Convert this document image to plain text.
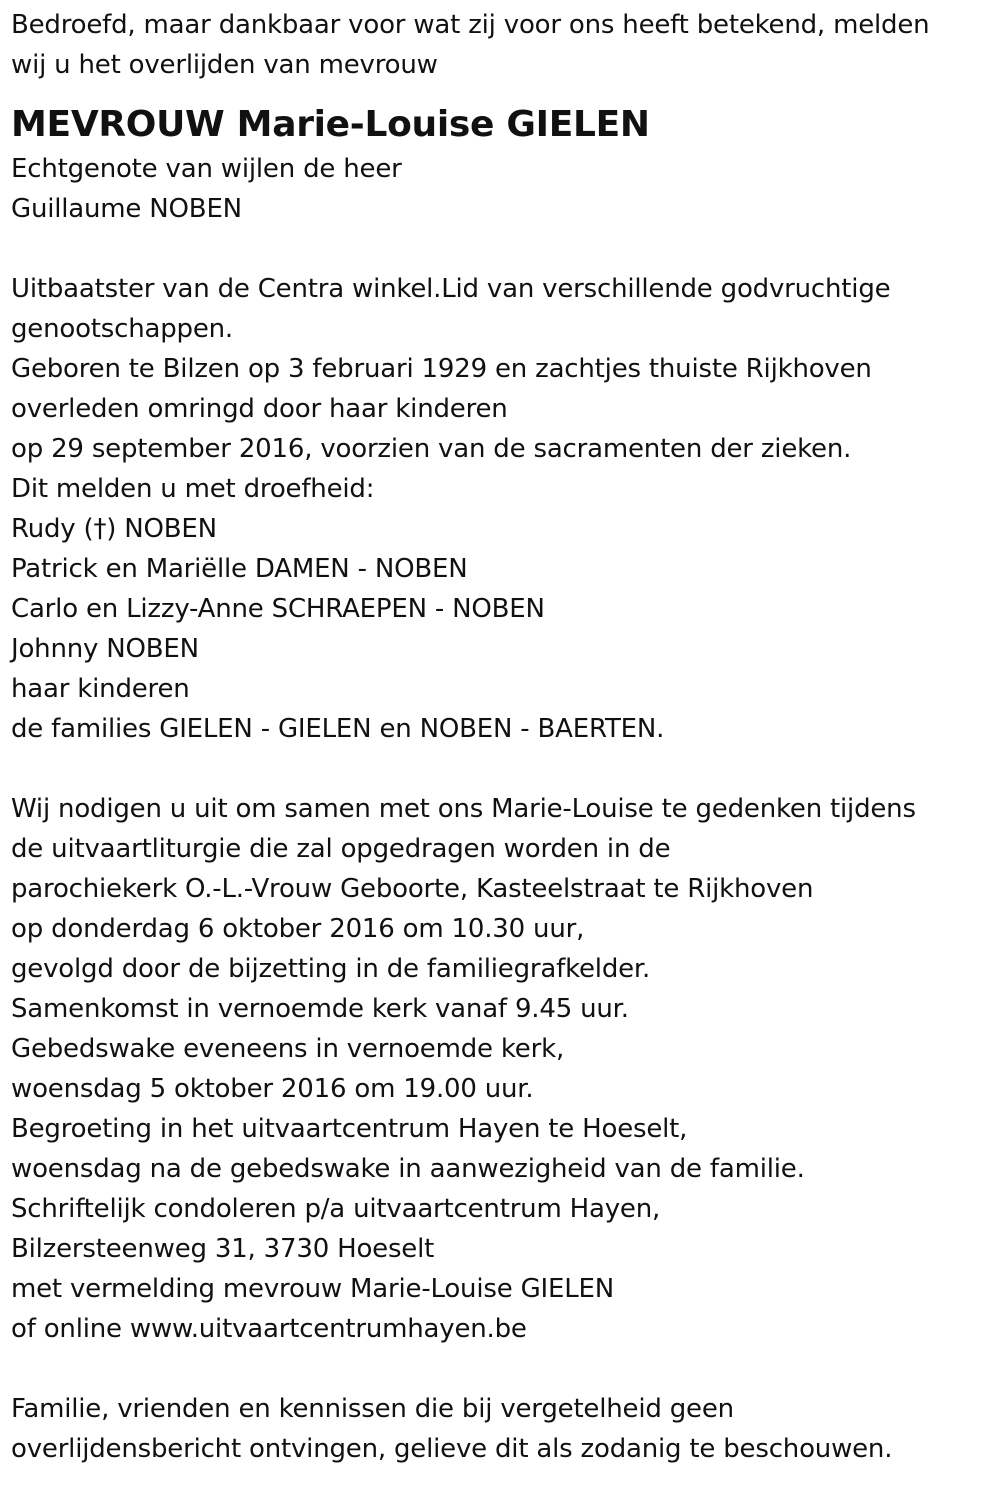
Bedroefd, maar dankbaar voor wat zij voor ons heeft betekend, melden
wij u het overlijden van mevrouw
MEVROUW Marie-Louise GIELEN
Echtgenote van wijlen de heer
Guillaume NOBEN
Uitbaatster van de Centra winkel.Lid van verschillende godvruchtige
genootschappen.
Geboren te Bilzen op 3 februari 1929 en zachtjes thuiste Rijkhoven
overleden omringd door haar kinderen
op 29 september 2016, voorzien van de sacramenten der zieken.
Dit melden u met droefheid:
Rudy (†) NOBEN
Patrick en Mariëlle DAMEN - NOBEN
Carlo en Lizzy-Anne SCHRAEPEN - NOBEN
Johnny NOBEN
haar kinderen
de families GIELEN - GIELEN en NOBEN - BAERTEN.
Wij nodigen u uit om samen met ons Marie-Louise te gedenken tijdens
de uitvaartliturgie die zal opgedragen worden in de
parochiekerk O.-L.-Vrouw Geboorte, Kasteelstraat te Rijkhoven
op donderdag 6 oktober 2016 om 10.30 uur,
gevolgd door de bijzetting in de familiegrafkelder.
Samenkomst in vernoemde kerk vanaf 9.45 uur.
Gebedswake eveneens in vernoemde kerk,
woensdag 5 oktober 2016 om 19.00 uur.
Begroeting in het uitvaartcentrum Hayen te Hoeselt,
woensdag na de gebedswake in aanwezigheid van de familie.
Schriftelijk condoleren p/a uitvaartcentrum Hayen,
Bilzersteenweg 31, 3730 Hoeselt
met vermelding mevrouw Marie-Louise GIELEN
of online www.uitvaartcentrumhayen.be
Familie, vrienden en kennissen die bij vergetelheid geen
overlijdensbericht ontvingen, gelieve dit als zodanig te beschouwen.
